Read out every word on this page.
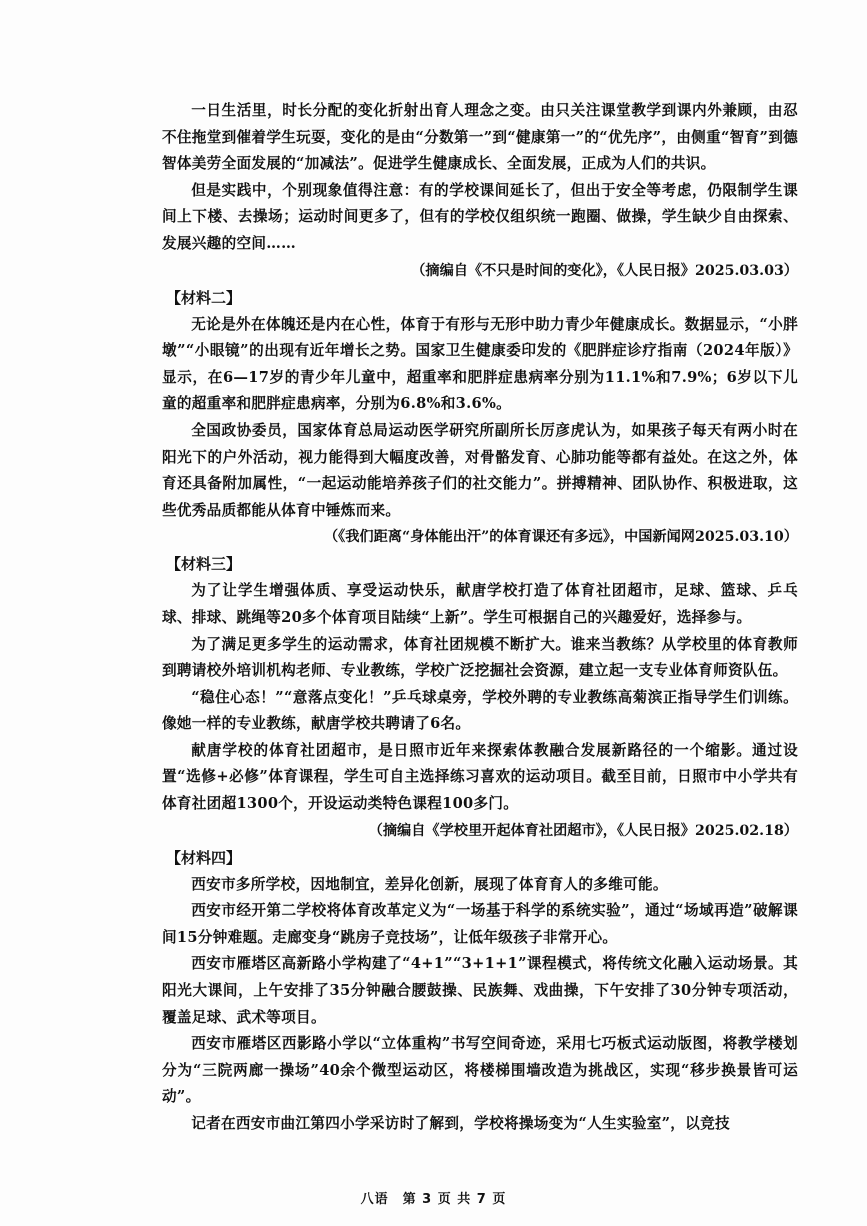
一日生活里，时长分配的变化折射出育人理念之变。由只关注课堂教学到课内外兼顾，由忍不住拖堂到催着学生玩耍，变化的是由“分数第一”到“健康第一”的“优先序”，由侧重“智育”到德智体美劳全面发展的“加减法”。促进学生健康成长、全面发展，正成为人们的共识。

但是实践中，个别现象值得注意：有的学校课间延长了，但出于安全等考虑，仍限制学生课间上下楼、去操场；运动时间更多了，但有的学校仅组织统一跑圈、做操，学生缺少自由探索、发展兴趣的空间……

（摘编自《不只是时间的变化》，《人民日报》2025.03.03）

【材料二】

无论是外在体魄还是内在心性，体育于有形与无形中助力青少年健康成长。数据显示，“小胖墩”“小眼镜”的出现有近年增长之势。国家卫生健康委印发的《肥胖症诊疗指南（2024年版）》显示，在6—17岁的青少年儿童中，超重率和肥胖症患病率分别为11.1%和7.9%；6岁以下儿童的超重率和肥胖症患病率，分别为6.8%和3.6%。

全国政协委员，国家体育总局运动医学研究所副所长厉彦虎认为，如果孩子每天有两小时在阳光下的户外活动，视力能得到大幅度改善，对骨骼发育、心肺功能等都有益处。在这之外，体育还具备附加属性，“一起运动能培养孩子们的社交能力”。拼搏精神、团队协作、积极进取，这些优秀品质都能从体育中锤炼而来。

（《我们距离“身体能出汗”的体育课还有多远》，中国新闻网2025.03.10）

【材料三】

为了让学生增强体质、享受运动快乐，献唐学校打造了体育社团超市，足球、篮球、乒乓球、排球、跳绳等20多个体育项目陆续“上新”。学生可根据自己的兴趣爱好，选择参与。

为了满足更多学生的运动需求，体育社团规模不断扩大。谁来当教练？从学校里的体育教师到聘请校外培训机构老师、专业教练，学校广泛挖掘社会资源，建立起一支专业体育师资队伍。

“稳住心态！”“意落点变化！”乒乓球桌旁，学校外聘的专业教练高菊滨正指导学生们训练。像她一样的专业教练，献唐学校共聘请了6名。

献唐学校的体育社团超市，是日照市近年来探索体教融合发展新路径的一个缩影。通过设置“选修+必修”体育课程，学生可自主选择练习喜欢的运动项目。截至目前，日照市中小学共有体育社团超1300个，开设运动类特色课程100多门。

（摘编自《学校里开起体育社团超市》，《人民日报》2025.02.18）

【材料四】

西安市多所学校，因地制宜，差异化创新，展现了体育育人的多维可能。

西安市经开第二学校将体育改革定义为“一场基于科学的系统实验”，通过“场域再造”破解课间15分钟难题。走廊变身“跳房子竞技场”，让低年级孩子非常开心。

西安市雁塔区高新路小学构建了“4+1”“3+1+1”课程模式，将传统文化融入运动场景。其阳光大课间，上午安排了35分钟融合腰鼓操、民族舞、戏曲操，下午安排了30分钟专项活动，覆盖足球、武术等项目。

西安市雁塔区西影路小学以“立体重构”书写空间奇迹，采用七巧板式运动版图，将教学楼划分为“三院两廊一操场”40余个微型运动区，将楼梯围墙改造为挑战区，实现“移步换景皆可运动”。

记者在西安市曲江第四小学采访时了解到，学校将操场变为“人生实验室”，以竞技

八语　第 3 页 共 7 页
